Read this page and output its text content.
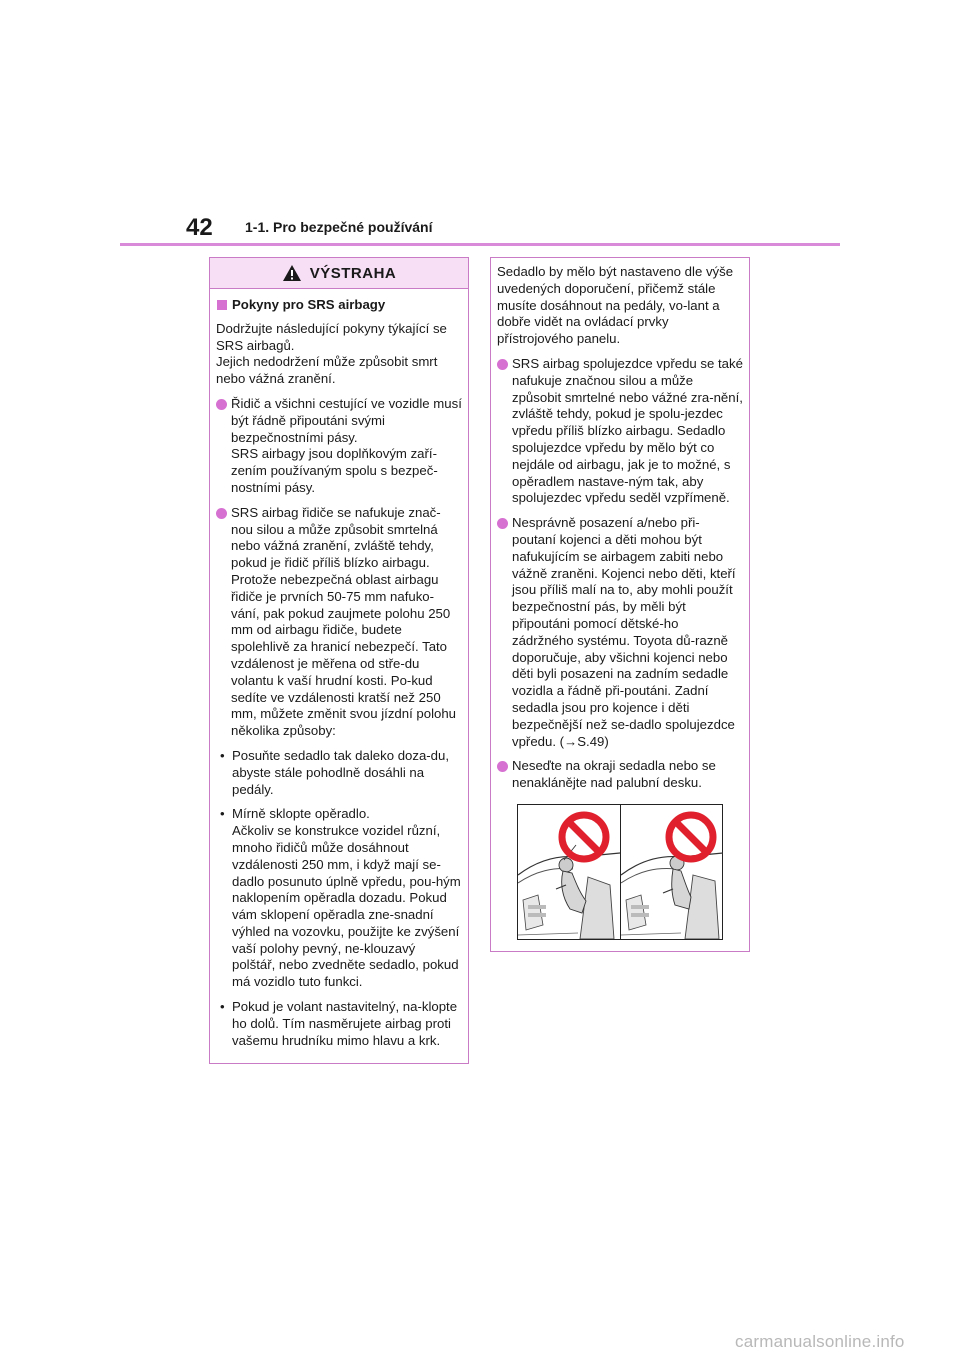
42 1-1. Pro bezpečné používání
VÝSTRAHA
Pokyny pro SRS airbagy

Dodržujte následující pokyny týkající se SRS airbagů.
Jejich nedodržení může způsobit smrt nebo vážná zranění.

Řidič a všichni cestující ve vozidle musí být řádně připoutáni svými bezpečnostními pásy.
SRS airbagy jsou doplňkovým zaří-zením používaným spolu s bezpeč-nostními pásy.
SRS airbag řidiče se nafukuje znač-nou silou a může způsobit smrtelná nebo vážná zranění, zvláště tehdy, pokud je řidič příliš blízko airbagu. Protože nebezpečná oblast airbagu řidiče je prvních 50-75 mm nafuko-vání, pak pokud zaujmete polohu 250 mm od airbagu řidiče, budete spolehlivě za hranicí nebezpečí. Tato vzdálenost je měřena od stře-du volantu k vaší hrudní kosti. Po-kud sedíte ve vzdálenosti kratší než 250 mm, můžete změnit svou jízdní polohu několika způsoby:
• Posuňte sedadlo tak daleko doza-du, abyste stále pohodlně dosáhli na pedály.
• Mírně sklopte opěradlo.
Ačkoliv se konstrukce vozidel různí, mnoho řidičů může dosáhnout vzdálenosti 250 mm, i když mají se-dadlo posunuto úplně vpředu, pou-hým naklopením opěradla dozadu. Pokud vám sklopení opěradla zne-snadní výhled na vozovku, použijte ke zvýšení vaší polohy pevný, ne-klouzavý polštář, nebo zvedněte sedadlo, pokud má vozidlo tuto funkci.
• Pokud je volant nastavitelný, na-klopte ho dolů. Tím nasměrujete airbag proti vašemu hrudníku mimo hlavu a krk.

Sedadlo by mělo být nastaveno dle výše uvedených doporučení, přičemž stále musíte dosáhnout na pedály, vo-lant a dobře vidět na ovládací prvky přístrojového panelu.

SRS airbag spolujezdce vpředu se také nafukuje značnou silou a může způsobit smrtelné nebo vážné zra-nění, zvláště tehdy, pokud je spolu-jezdec vpředu příliš blízko airbagu. Sedadlo spolujezdce vpředu by mělo být co nejdále od airbagu, jak je to možné, s opěradlem nastave-ným tak, aby spolujezdec vpředu seděl vzpřímeně.
Nesprávně posazení a/nebo při-poutaní kojenci a děti mohou být nafukujícím se airbagem zabiti nebo vážně zraněni. Kojenci nebo děti, kteří jsou příliš malí na to, aby mohli použít bezpečnostní pás, by měli být připoutáni pomocí dětské-ho zádržného systému. Toyota dů-razně doporučuje, aby všichni kojenci nebo děti byli posazeni na zadním sedadle vozidla a řádně při-poutáni. Zadní sedadla jsou pro kojence i děti bezpečnější než se-dadlo spolujezdce vpředu. (→S.49)
Neseďte na okraji sedadla nebo se nenaklánějte nad palubní desku.
carmanualsonline.info
